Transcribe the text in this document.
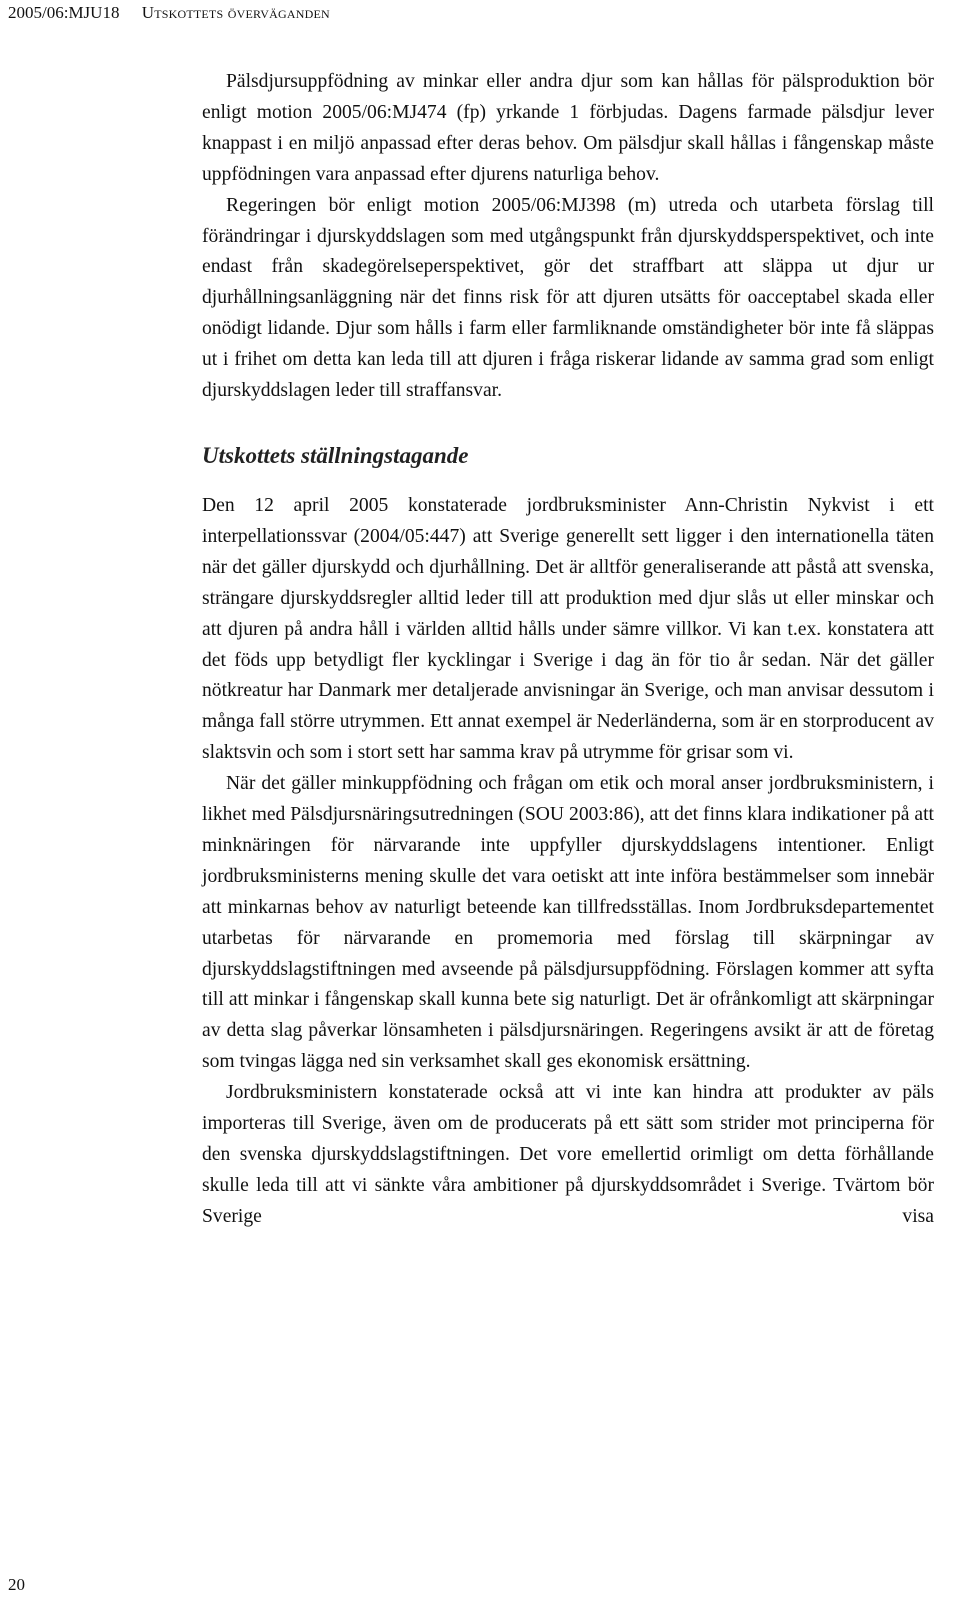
2005/06:MJU18 Utskottets överväganden

Pälsdjursuppfödning av minkar eller andra djur som kan hållas för pälsproduktion bör enligt motion 2005/06:MJ474 (fp) yrkande 1 förbjudas. Dagens farmade pälsdjur lever knappast i en miljö anpassad efter deras behov. Om pälsdjur skall hållas i fångenskap måste uppfödningen vara anpassad efter djurens naturliga behov.

Regeringen bör enligt motion 2005/06:MJ398 (m) utreda och utarbeta förslag till förändringar i djurskyddslagen som med utgångspunkt från djurskyddsperspektivet, och inte endast från skadegörelseperspektivet, gör det straffbart att släppa ut djur ur djurhållningsanläggning när det finns risk för att djuren utsätts för oacceptabel skada eller onödigt lidande. Djur som hålls i farm eller farmliknande omständigheter bör inte få släppas ut i frihet om detta kan leda till att djuren i fråga riskerar lidande av samma grad som enligt djurskyddslagen leder till straffansvar.

Utskottets ställningstagande

Den 12 april 2005 konstaterade jordbruksminister Ann-Christin Nykvist i ett interpellationssvar (2004/05:447) att Sverige generellt sett ligger i den internationella täten när det gäller djurskydd och djurhållning. Det är alltför generaliserande att påstå att svenska, strängare djurskyddsregler alltid leder till att produktion med djur slås ut eller minskar och att djuren på andra håll i världen alltid hålls under sämre villkor. Vi kan t.ex. konstatera att det föds upp betydligt fler kycklingar i Sverige i dag än för tio år sedan. När det gäller nötkreatur har Danmark mer detaljerade anvisningar än Sverige, och man anvisar dessutom i många fall större utrymmen. Ett annat exempel är Nederländerna, som är en storproducent av slaktsvin och som i stort sett har samma krav på utrymme för grisar som vi.

När det gäller minkuppfödning och frågan om etik och moral anser jordbruksministern, i likhet med Pälsdjursnäringsutredningen (SOU 2003:86), att det finns klara indikationer på att minknäringen för närvarande inte uppfyller djurskyddslagens intentioner. Enligt jordbruksministerns mening skulle det vara oetiskt att inte införa bestämmelser som innebär att minkarnas behov av naturligt beteende kan tillfredsställas. Inom Jordbruksdepartementet utarbetas för närvarande en promemoria med förslag till skärpningar av djurskyddslagstiftningen med avseende på pälsdjursuppfödning. Förslagen kommer att syfta till att minkar i fångenskap skall kunna bete sig naturligt. Det är ofrånkomligt att skärpningar av detta slag påverkar lönsamheten i pälsdjursnäringen. Regeringens avsikt är att de företag som tvingas lägga ned sin verksamhet skall ges ekonomisk ersättning.

Jordbruksministern konstaterade också att vi inte kan hindra att produkter av päls importeras till Sverige, även om de producerats på ett sätt som strider mot principerna för den svenska djurskyddslagstiftningen. Det vore emellertid orimligt om detta förhållande skulle leda till att vi sänkte våra ambitioner på djurskyddsområdet i Sverige. Tvärtom bör Sverige visa

20
